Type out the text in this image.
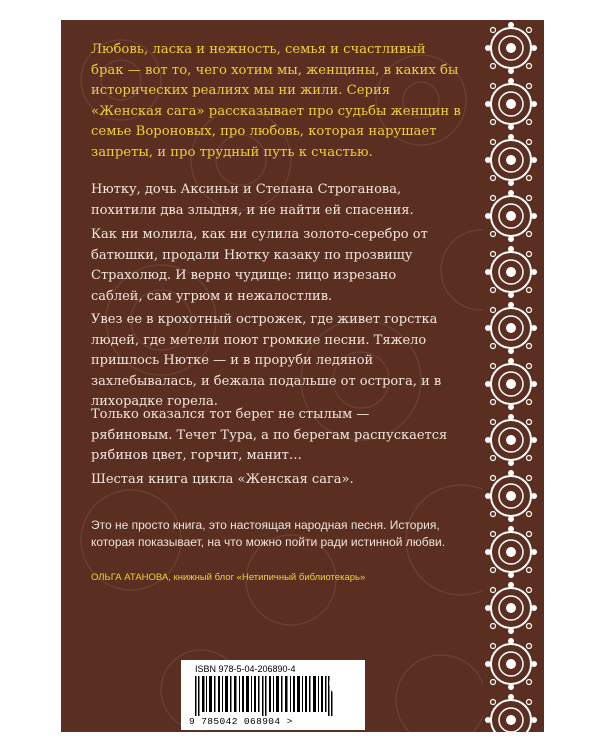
Любовь, ласка и нежность, семья и счастливый брак — вот то, чего хотим мы, женщины, в каких бы исторических реалиях мы ни жили. Серия «Женская сага» рассказывает про судьбы женщин в семье Вороновых, про любовь, которая нарушает запреты, и про трудный путь к счастью.
Нютку, дочь Аксиньи и Степана Строганова, похитили два злыдня, и не найти ей спасения.
Как ни молила, как ни сулила золото-серебро от батюшки, продали Нютку казаку по прозвищу Страхолюд. И верно чудище: лицо изрезано саблей, сам угрюм и нежалостлив.
Увез ее в крохотный острожек, где живет горстка людей, где метели поют громкие песни. Тяжело пришлось Нютке — и в проруби ледяной захлебывалась, и бежала подальше от острога, и в лихорадке горела.
Только оказался тот берег не стылым — рябиновым. Течет Тура, а по берегам распускается рябинов цвет, горчит, манит…
Шестая книга цикла «Женская сага».
Это не просто книга, это настоящая народная песня. История, которая показывает, на что можно пойти ради истинной любви.
ОЛЬГА АТАНОВА, книжный блог «Нетипичный библиотекарь»
ISBN 978-5-04-206890-4
9 785042 068904 >
